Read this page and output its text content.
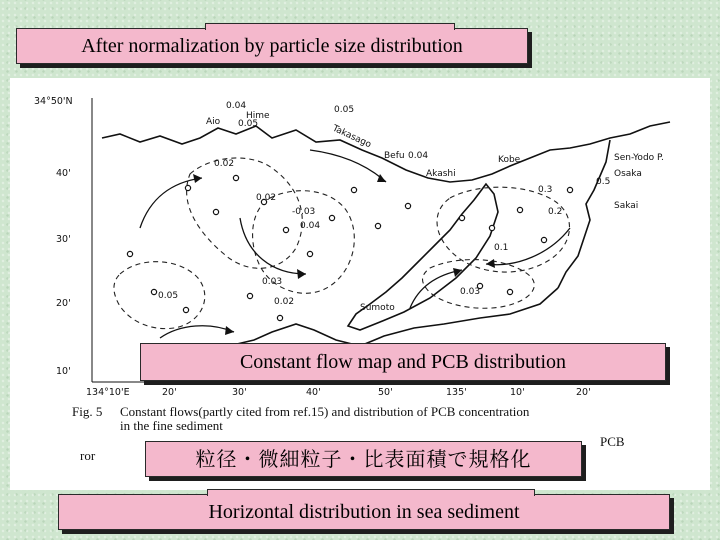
34°50'N
40'
30'
20'
10'
134°10'E	20'	30'	40'	50'	135'	10'	20'
Aio
Hime
Takasago
Befu
Akashi
Kobe	Sen-Yodo P.
Osaka
Sakai
Sumoto
0.04
0.05
0.05
0.04
0.02
0.02
-0.03
0.04
0.03
0.02
0.05
0.3
0.5
0.2
0.1
0.03
Fig. 5 Constant flows(partly cited from ref.15) and distribution of PCB concentration
in the fine sediment
PCB
ror
After normalization by particle size distribution
Constant flow map and PCB distribution
粒径・微細粒子・比表面積で規格化
Horizontal distribution in sea sediment
